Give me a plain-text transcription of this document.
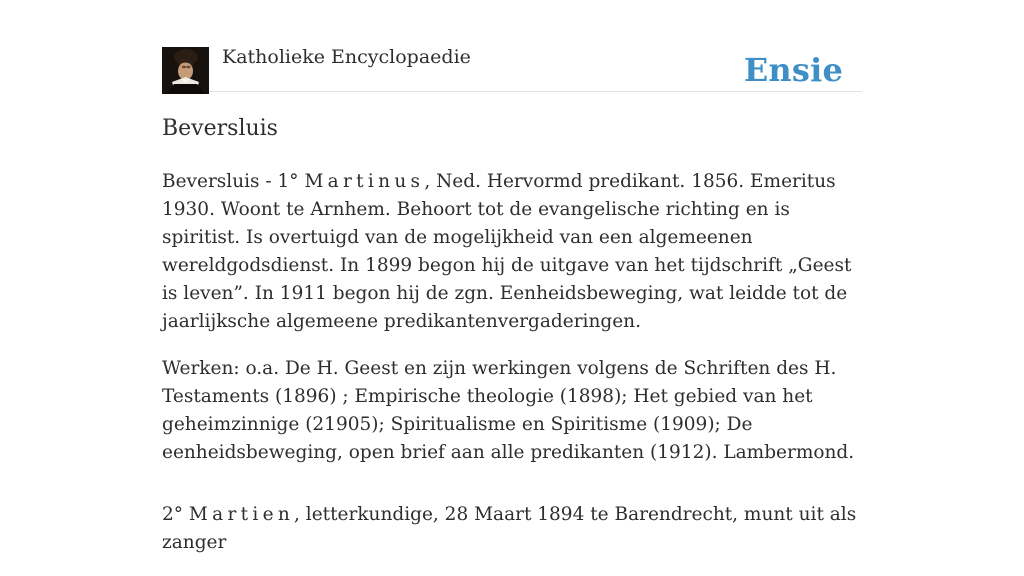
Katholieke Encyclopaedie	Ensie
Beversluis

Beversluis - 1° Martinus, Ned. Hervormd predikant. 1856. Emeritus 1930. Woont te Arnhem. Behoort tot de evangelische richting en is spiritist. Is overtuigd van de mogelijkheid van een algemeenen wereldgodsdienst. In 1899 begon hij de uitgave van het tijdschrift „Geest is leven”. In 1911 begon hij de zgn. Eenheidsbeweging, wat leidde tot de jaarlijksche algemeene predikantenvergaderingen.

Werken: o.a. De H. Geest en zijn werkingen volgens de Schriften des H. Testaments (1896) ; Empirische theologie (1898); Het gebied van het geheimzinnige (21905); Spiritualisme en Spiritisme (1909); De eenheidsbeweging, open brief aan alle predikanten (1912). Lambermond.

2° Martien, letterkundige, 28 Maart 1894 te Barendrecht, munt uit als zanger
